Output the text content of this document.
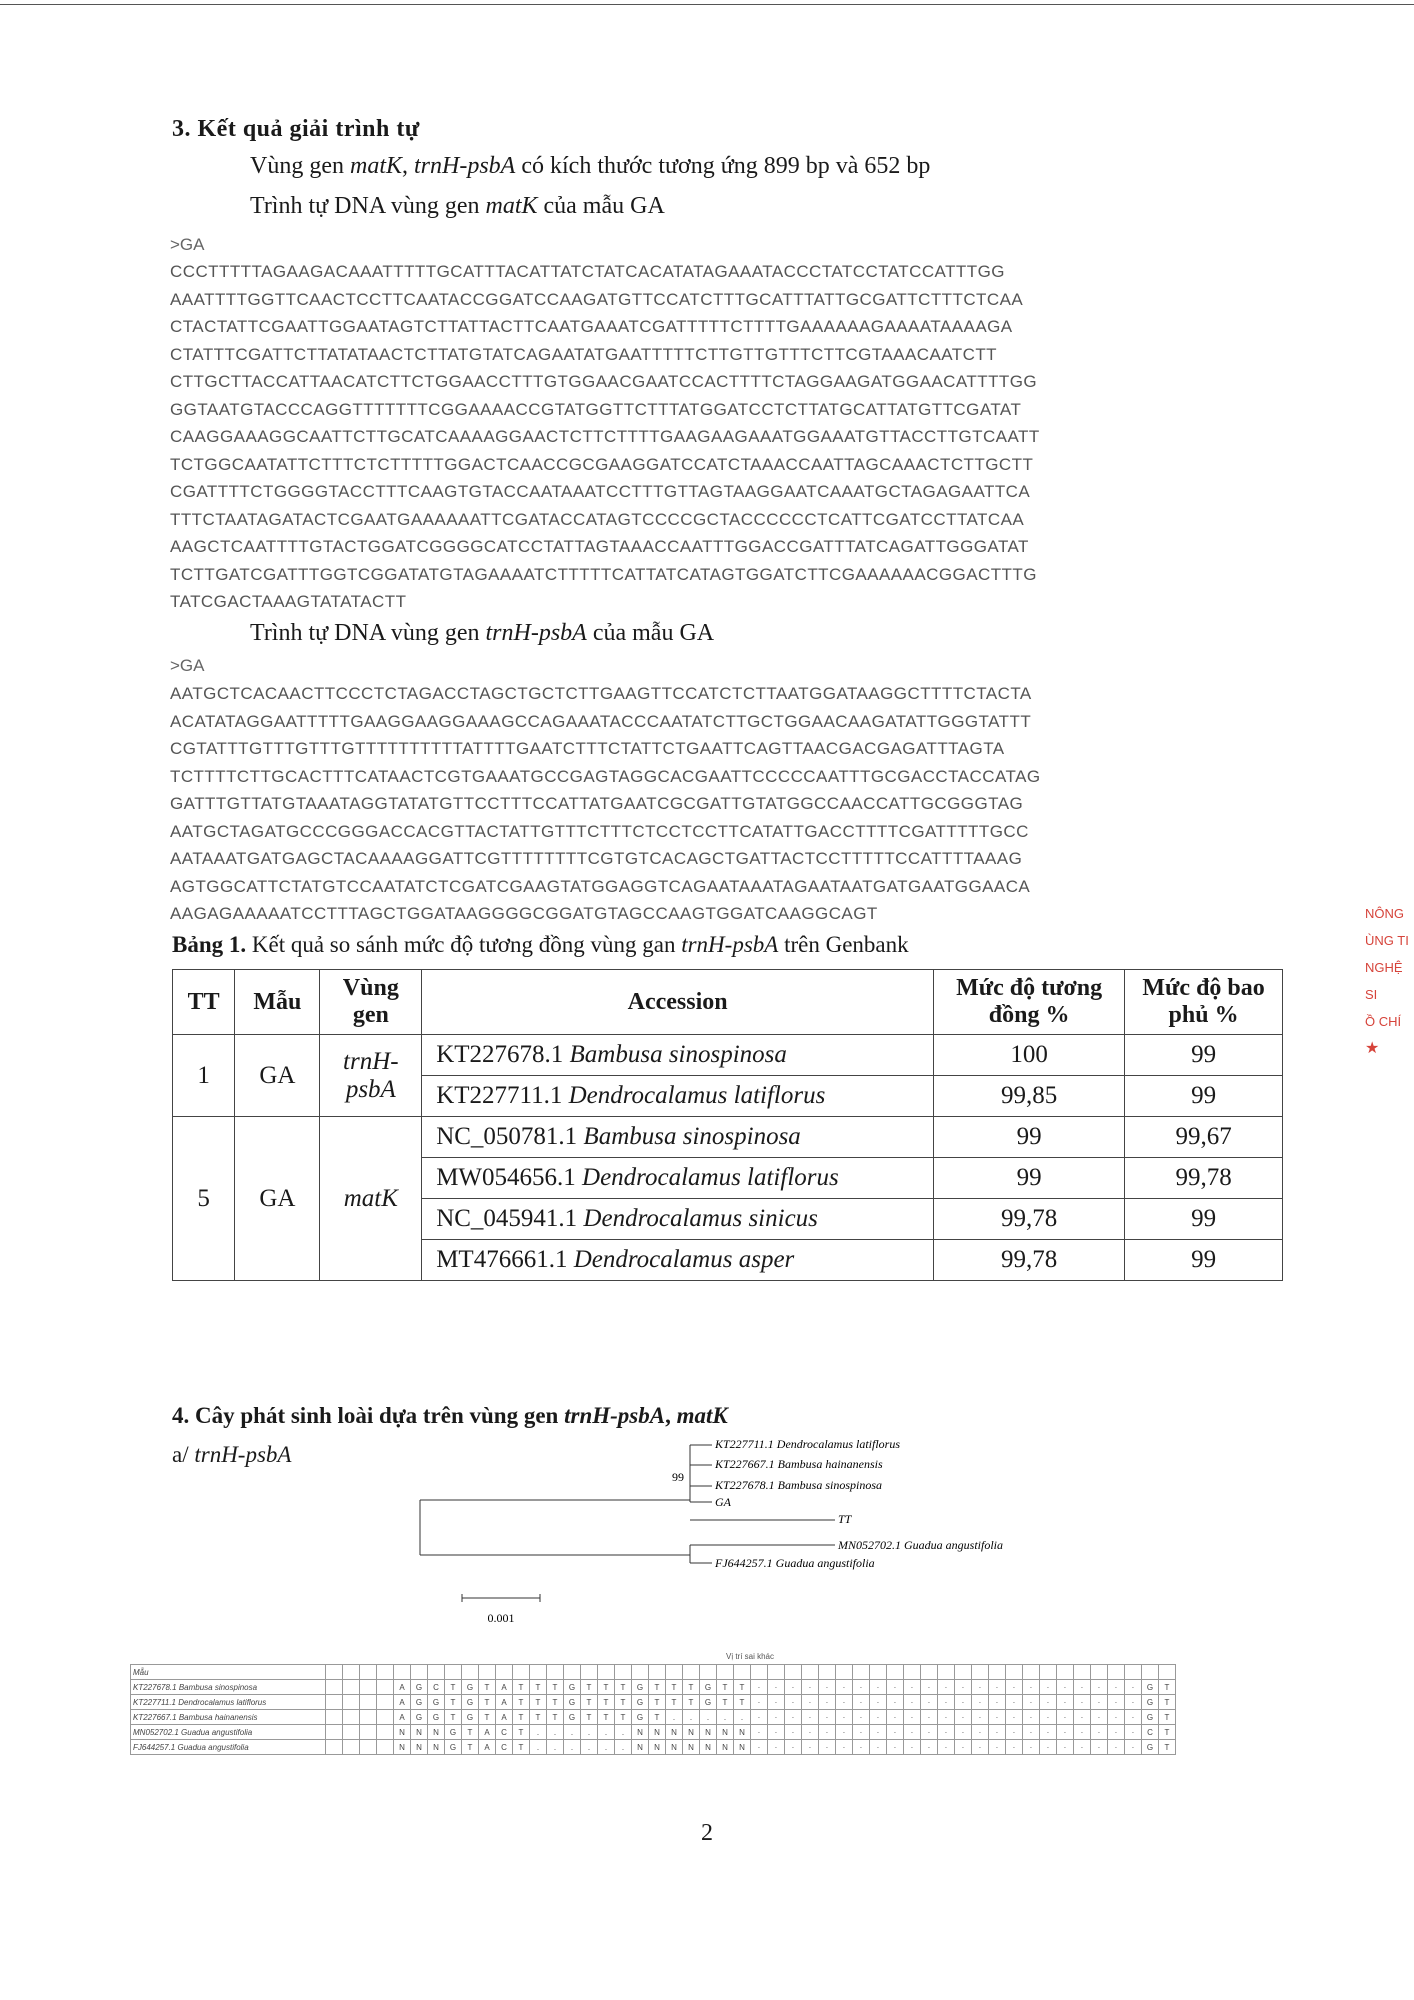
3. Kết quả giải trình tự
Vùng gen matK, trnH-psbA có kích thước tương ứng 899 bp và 652 bp
Trình tự DNA vùng gen matK của mẫu GA
>GA
CCCTTTTTAGAAGACAAATTTTTGCATTTACATTATCTATCACATATAGAAATACCCTATCCTATCCATTTGG
AAATTTTGGTTCAACTCCTTCAATACCGGATCCAAGATGTTCCATCTTTGCATTTATTGCGATTCTTTCTCAA
CTACTATTCGAATTGGAATAGTCTTATTACTTCAATGAAATCGATTTTTCTTTTGAAAAAAGAAAATAAAAGA
CTATTTCGATTCTTATATAACTCTTATGTATCAGAATATGAATTTTTCTTGTTGTTTCTTCGTAAACAATCTT
CTTGCTTACCATTAACATCTTCTGGAACCTTTGTGGAACGAATCCACTTTTCTAGGAAGATGGAACATTTTGG
GGTAATGTACCCAGGTTTTTTTCGGAAAACCGTATGGTTCTTTATGGATCCTCTTATGCATTATGTTCGATAT
CAAGGAAAGGCAATTCTTGCATCAAAAGGAACTCTTCTTTTGAAGAAGAAATGGAAATGTTACCTTGTCAATT
TCTGGCAATATTCTTTCTCTTTTTGGACTCAACCGCGAAGGATCCATCTAAACCAATTAGCAAACTCTTGCTT
CGATTTTCTGGGGTACCTTTCAAGTGTACCAATAAATCCTTTGTTAGTAAGGAATCAAATGCTAGAGAATTCA
TTTCTAATAGATACTCGAATGAAAAAATTCGATACCATAGTCCCCGCTACCCCCCTCATTCGATCCTTATCAA
AAGCTCAATTTTGTACTGGATCGGGGCATCCTATTAGTAAACCAATTTGGACCGATTTATCAGATTGGGATAT
TCTTGATCGATTTGGTCGGATATGTAGAAAATCTTTTTCATTATCATAGTGGATCTTCGAAAAAACGGACTTTG
TATCGACTAAAGTATATACTT
Trình tự DNA vùng gen trnH-psbA của mẫu GA
>GA
AATGCTCACAACTTCCCTCTAGACCTAGCTGCTCTTGAAGTTCCATCTCTTAATGGATAAGGCTTTTCTACTA
ACATATAGGAATTTTTGAAGGAAGGAAAGCCAGAAATACCCAATATCTTGCTGGAACAAGATATTGGGTATTT
CGTATTTGTTTGTTTGTTTTTTTTTTATTTTGAATCTTTCTATTCTGAATTCAGTTAACGACGAGATTTAGTA
TCTTTTCTTGCACTTTCATAACTCGTGAAATGCCGAGTAGGCACGAATTCCCCCAATTTGCGACCTACCATAG
GATTTGTTATGTAAATAGGTATATGTTCCTTTCCATTATGAATCGCGATTGTATGGCCAACCATTGCGGGTAG
AATGCTAGATGCCCGGGACCACGTTACTATTGTTTCTTTCTCCTCCTTCATATTGACCTTTTCGATTTTTGCC
AATAAATGATGAGCTACAAAAGGATTCGTTTTTTTTCGTGTCACAGCTGATTACTCCTTTTTCCATTTTAAAG
AGTGGCATTCTATGTCCAATATCTCGATCGAAGTATGGAGGTCAGAATAAATAGAATAATGATGAATGGAACA
AAGAGAAAAATCCTTTAGCTGGATAAGGGGCGGATGTAGCCAAGTGGATCAAGGCAGT
Bảng 1. Kết quả so sánh mức độ tương đồng vùng gan trnH-psbA trên Genbank
TT	Mẫu	Vùng gen	Accession	Mức độ tương đồng %	Mức độ bao phủ %
1	GA	trnH-psbA	KT227678.1 Bambusa sinospinosa	100	99
			KT227711.1 Dendrocalamus latiflorus	99,85	99
5	GA	matK	NC_050781.1 Bambusa sinospinosa	99	99,67
			MW054656.1 Dendrocalamus latiflorus	99	99,78
			NC_045941.1 Dendrocalamus sinicus	99,78	99
			MT476661.1 Dendrocalamus asper	99,78	99
4. Cây phát sinh loài dựa trên vùng gen trnH-psbA, matK
a/ trnH-psbA	KT227711.1 Dendrocalamus latiflorus
KT227667.1 Bambusa hainanensis
KT227678.1 Bambusa sinospinosa
GA
TT
MN052702.1 Guadua angustifolia
FJ644257.1 Guadua angustifolia
99
0.001
Vị trí sai khác
Mẫu																																																		
KT227678.1 Bambusa sinospinosa					A	G	C	T	G	T	A	T	T	T	G	T	T	T	G	T	T	T	G	T	T	·	·	·	·	·	·	·	·	·	·	·	·	·	·	·	·	·	·	·	·	·	·	·	G	T
KT227711.1 Dendrocalamus latiflorus					A	G	G	T	G	T	A	T	T	T	G	T	T	T	G	T	T	T	G	T	T	·	·	·	·	·	·	·	·	·	·	·	·	·	·	·	·	·	·	·	·	·	·	·	G	T
KT227667.1 Bambusa hainanensis					A	G	G	T	G	T	A	T	T	T	G	T	T	T	G	T	.	.	.	.	.	·	·	·	·	·	·	·	·	·	·	·	·	·	·	·	·	·	·	·	·	·	·	·	G	T
MN052702.1 Guadua angustifolia					N	N	N	G	T	A	C	T	.	.	.	.	.	.	N	N	N	N	N	N	N	·	·	·	·	·	·	·	·	·	·	·	·	·	·	·	·	·	·	·	·	·	·	·	C	T
FJ644257.1 Guadua angustifolia					N	N	N	G	T	A	C	T	.	.	.	.	.	.	N	N	N	N	N	N	N	·	·	·	·	·	·	·	·	·	·	·	·	·	·	·	·	·	·	·	·	·	·	·	G	T
NÔNG
ÙNG TI
NGHỆ SI
Ồ CHÍ
★
2
